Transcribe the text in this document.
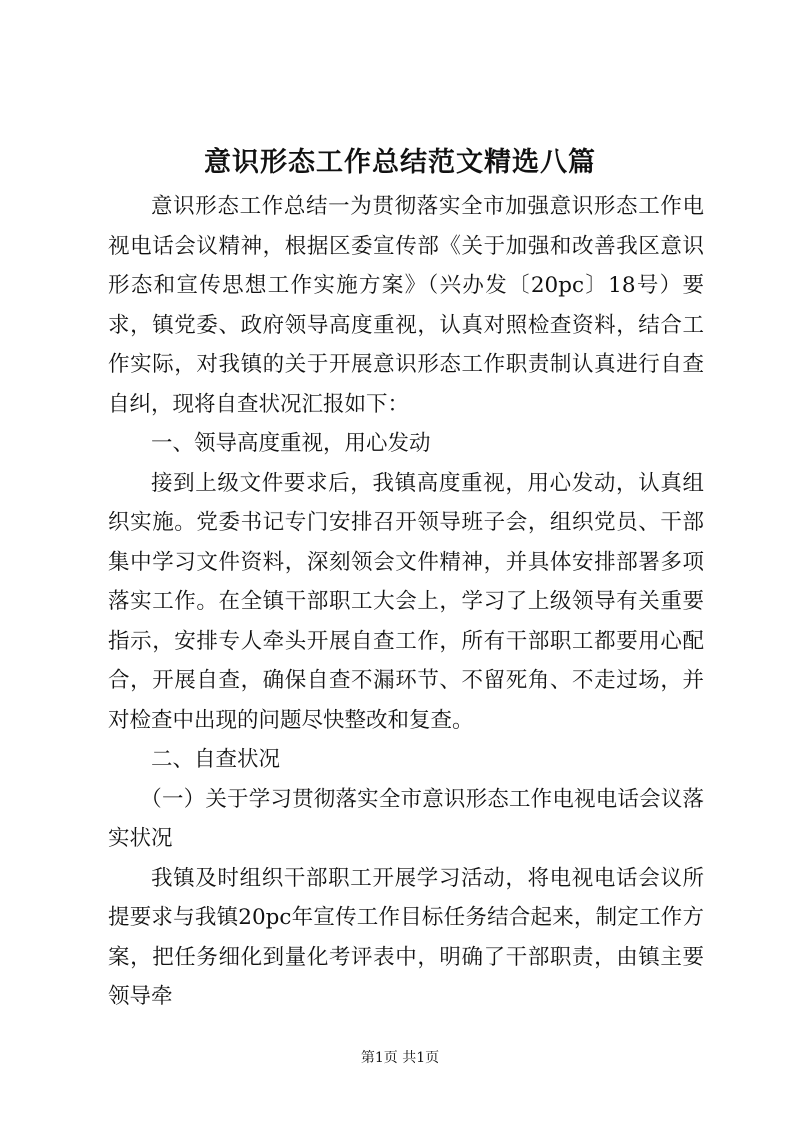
意识形态工作总结范文精选八篇

意识形态工作总结一为贯彻落实全市加强意识形态工作电视电话会议精神，根据区委宣传部《关于加强和改善我区意识形态和宣传思想工作实施方案》（兴办发〔20pc〕18号）要求，镇党委、政府领导高度重视，认真对照检查资料，结合工作实际，对我镇的关于开展意识形态工作职责制认真进行自查自纠，现将自查状况汇报如下：

一、领导高度重视，用心发动

接到上级文件要求后，我镇高度重视，用心发动，认真组织实施。党委书记专门安排召开领导班子会，组织党员、干部集中学习文件资料，深刻领会文件精神，并具体安排部署多项落实工作。在全镇干部职工大会上，学习了上级领导有关重要指示，安排专人牵头开展自查工作，所有干部职工都要用心配合，开展自查，确保自查不漏环节、不留死角、不走过场，并对检查中出现的问题尽快整改和复查。

二、自查状况

（一）关于学习贯彻落实全市意识形态工作电视电话会议落实状况

我镇及时组织干部职工开展学习活动，将电视电话会议所提要求与我镇20pc年宣传工作目标任务结合起来，制定工作方案，把任务细化到量化考评表中，明确了干部职责，由镇主要领导牵

第1页 共1页
